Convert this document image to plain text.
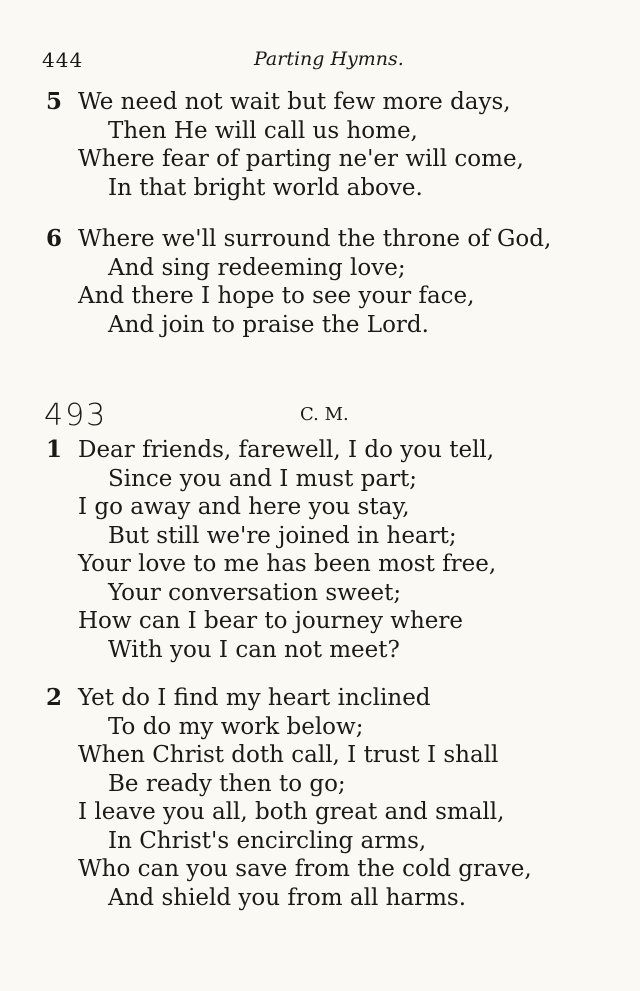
444	Parting Hymns.
5 We need not wait but few more days,
Then He will call us home,
Where fear of parting ne'er will come,
In that bright world above.
6 Where we'll surround the throne of God,
And sing redeeming love;
And there I hope to see your face,
And join to praise the Lord.
493	C. M.
1 Dear friends, farewell, I do you tell,
Since you and I must part;
I go away and here you stay,
But still we're joined in heart;
Your love to me has been most free,
Your conversation sweet;
How can I bear to journey where
With you I can not meet?
2 Yet do I find my heart inclined
To do my work below;
When Christ doth call, I trust I shall
Be ready then to go;
I leave you all, both great and small,
In Christ's encircling arms,
Who can you save from the cold grave,
And shield you from all harms.
